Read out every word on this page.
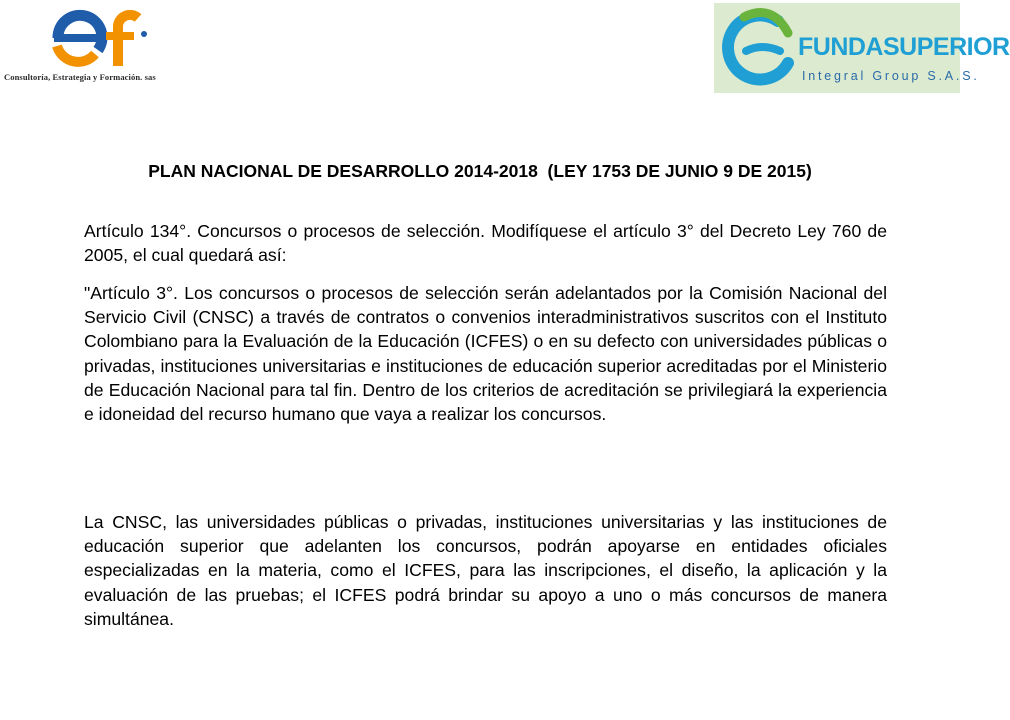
Consultoría, Estrategia y Formación. sas
FUNDASUPERIOR
Integral Group S.A.S.
PLAN NACIONAL DE DESARROLLO 2014-2018  (LEY 1753 DE JUNIO 9 DE 2015)
Artículo 134°. Concursos o procesos de selección. Modifíquese el artículo 3° del Decreto Ley 760 de 2005, el cual quedará así:
"Artículo 3°. Los concursos o procesos de selección serán adelantados por la Comisión Nacional del Servicio Civil (CNSC) a través de contratos o convenios interadministrativos suscritos con el Instituto Colombiano para la Evaluación de la Educación (ICFES) o en su defecto con universidades públicas o privadas, instituciones universitarias e instituciones de educación superior acreditadas por el Ministerio de Educación Nacional para tal fin. Dentro de los criterios de acreditación se privilegiará la experiencia e idoneidad del recurso humano que vaya a realizar los concursos.
La CNSC, las universidades públicas o privadas, instituciones universitarias y las instituciones de educación superior que adelanten los concursos, podrán apoyarse en entidades oficiales especializadas en la materia, como el ICFES, para las inscripciones, el diseño, la aplicación y la evaluación de las pruebas; el ICFES podrá brindar su apoyo a uno o más concursos de manera simultánea.
